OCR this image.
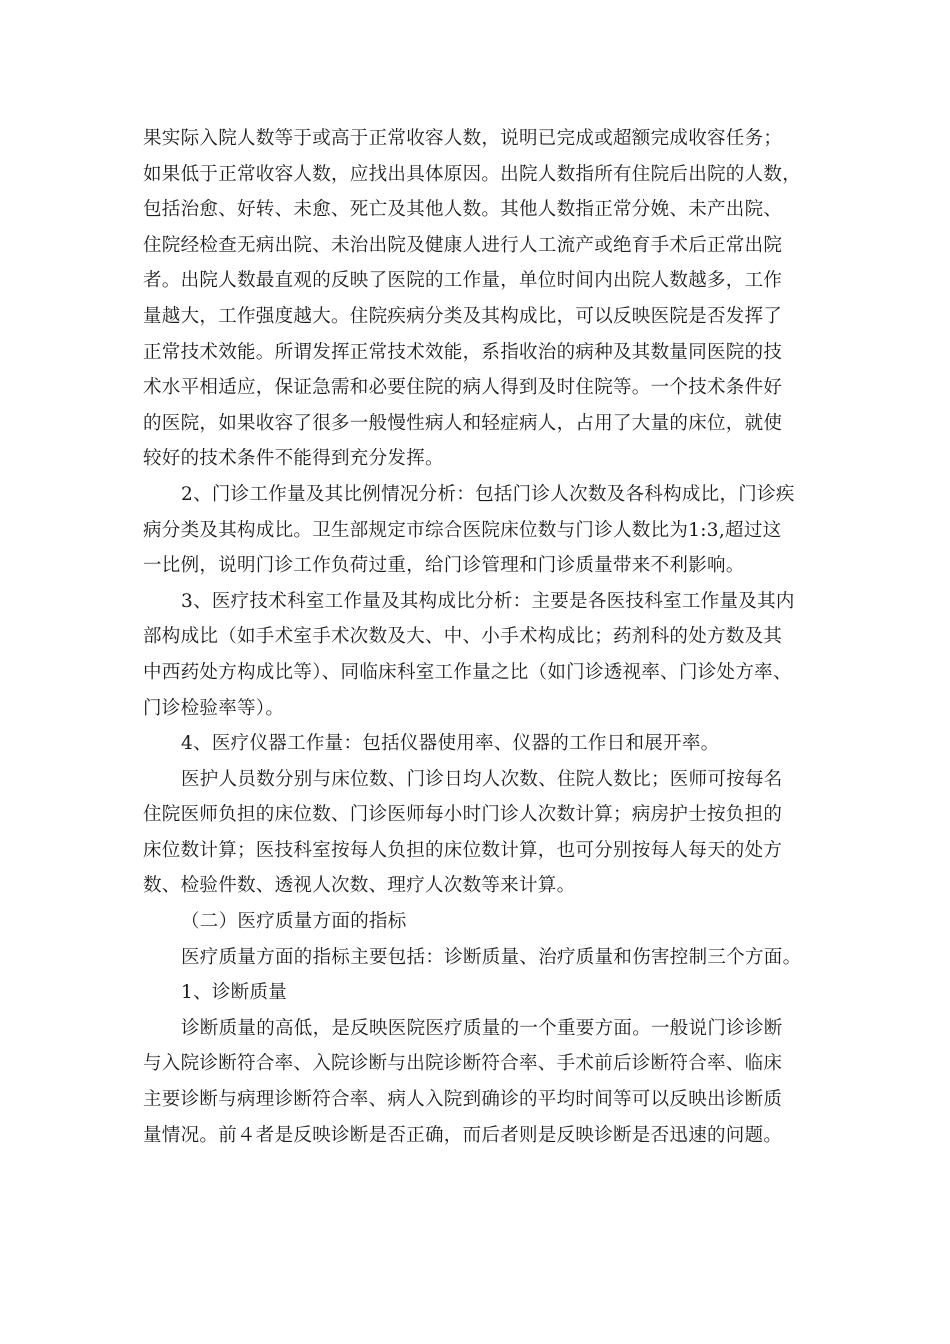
果实际入院人数等于或高于正常收容人数，说明已完成或超额完成收容任务；
如果低于正常收容人数，应找出具体原因。出院人数指所有住院后出院的人数，
包括治愈、好转、未愈、死亡及其他人数。其他人数指正常分娩、未产出院、
住院经检查无病出院、未治出院及健康人进行人工流产或绝育手术后正常出院
者。出院人数最直观的反映了医院的工作量，单位时间内出院人数越多，工作
量越大，工作强度越大。住院疾病分类及其构成比，可以反映医院是否发挥了
正常技术效能。所谓发挥正常技术效能，系指收治的病种及其数量同医院的技
术水平相适应，保证急需和必要住院的病人得到及时住院等。一个技术条件好
的医院，如果收容了很多一般慢性病人和轻症病人，占用了大量的床位，就使
较好的技术条件不能得到充分发挥。

2、门诊工作量及其比例情况分析：包括门诊人次数及各科构成比，门诊疾
病分类及其构成比。卫生部规定市综合医院床位数与门诊人数比为1:3,超过这
一比例，说明门诊工作负荷过重，给门诊管理和门诊质量带来不利影响。

3、医疗技术科室工作量及其构成比分析：主要是各医技科室工作量及其内
部构成比（如手术室手术次数及大、中、小手术构成比；药剂科的处方数及其
中西药处方构成比等）、同临床科室工作量之比（如门诊透视率、门诊处方率、
门诊检验率等）。

4、医疗仪器工作量：包括仪器使用率、仪器的工作日和展开率。

医护人员数分别与床位数、门诊日均人次数、住院人数比；医师可按每名
住院医师负担的床位数、门诊医师每小时门诊人次数计算；病房护士按负担的
床位数计算；医技科室按每人负担的床位数计算，也可分别按每人每天的处方
数、检验件数、透视人次数、理疗人次数等来计算。

（二）医疗质量方面的指标

医疗质量方面的指标主要包括：诊断质量、治疗质量和伤害控制三个方面。

1、诊断质量

诊断质量的高低，是反映医院医疗质量的一个重要方面。一般说门诊诊断
与入院诊断符合率、入院诊断与出院诊断符合率、手术前后诊断符合率、临床
主要诊断与病理诊断符合率、病人入院到确诊的平均时间等可以反映出诊断质
量情况。前４者是反映诊断是否正确，而后者则是反映诊断是否迅速的问题。
